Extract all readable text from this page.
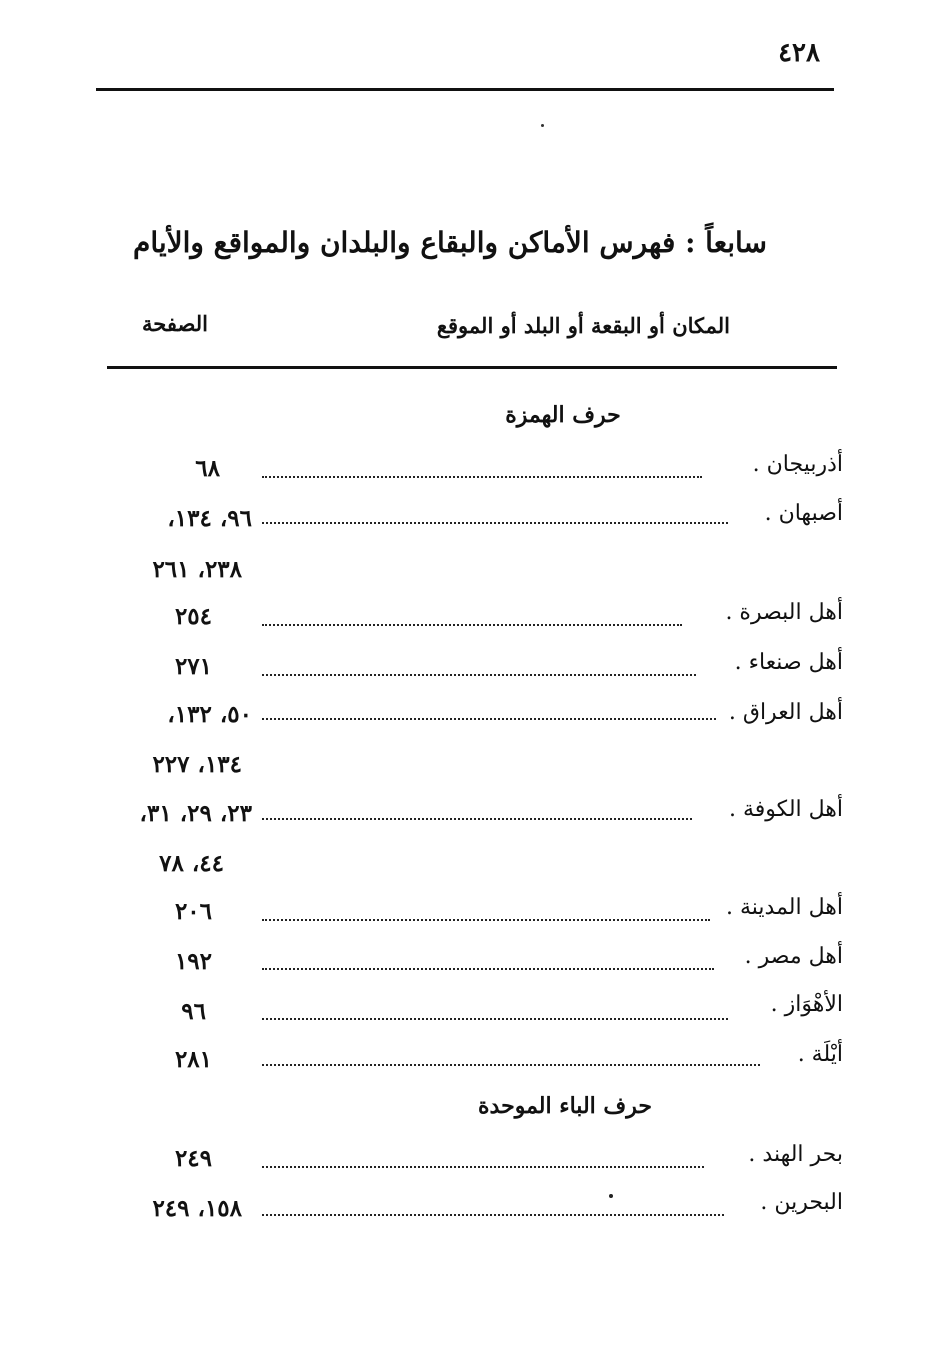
٤٢٨
سابعاً : فهرس الأماكن والبقاع والبلدان والمواقع والأيام
المكان أو البقعة أو البلد أو الموقع
الصفحة
حرف الهمزة
أذربيجان .
٦٨
أصبهان .
٩٦، ١٣٤،
٢٣٨، ٢٦١
أهل البصرة .
٢٥٤
أهل صنعاء .
٢٧١
أهل العراق .
٥٠، ١٣٢،
١٣٤، ٢٢٧
أهل الكوفة .
٢٣، ٢٩، ٣١،
٤٤، ٧٨
أهل المدينة .
٢٠٦
أهل مصر .
١٩٢
الأهْوَاز .
٩٦
أيْلَة .
٢٨١
حرف الباء الموحدة
بحر الهند .
٢٤٩
البحرين .
١٥٨، ٢٤٩
